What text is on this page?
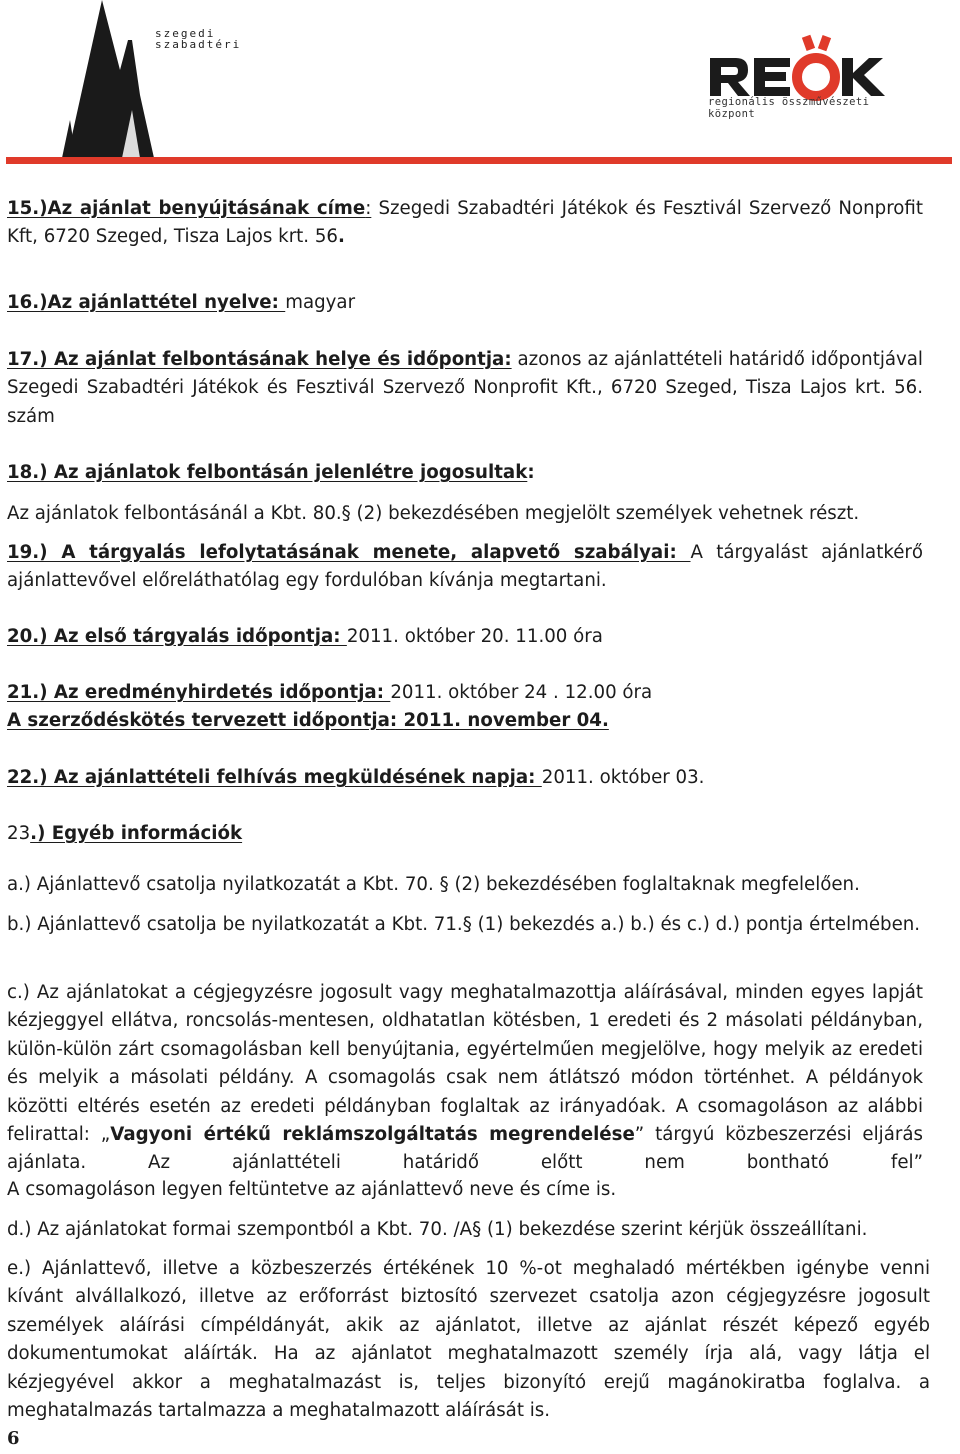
szegedi
szabadtéri
regionális összművészeti központ

15.)Az ajánlat benyújtásának címe: Szegedi Szabadtéri Játékok és Fesztivál Szervező Nonprofit Kft, 6720 Szeged, Tisza Lajos krt. 56.

16.)Az ajánlattétel nyelve: magyar
17.) Az ajánlat felbontásának helye és időpontja: azonos az ajánlattételi határidő időpontjával Szegedi Szabadtéri Játékok és Fesztivál Szervező Nonprofit Kft., 6720 Szeged, Tisza Lajos krt. 56. szám
18.) Az ajánlatok felbontásán jelenlétre jogosultak:
Az ajánlatok felbontásánál a Kbt. 80.§ (2) bekezdésében megjelölt személyek vehetnek részt.
19.) A tárgyalás lefolytatásának menete, alapvető szabályai: A tárgyalást ajánlatkérő ajánlattevővel előreláthatólag egy fordulóban kívánja megtartani.
20.) Az első tárgyalás időpontja: 2011. október 20. 11.00 óra
21.) Az eredményhirdetés időpontja: 2011. október 24 . 12.00 óra
A szerződéskötés tervezett időpontja: 2011. november 04.
22.) Az ajánlattételi felhívás megküldésének napja: 2011. október 03.
23.) Egyéb információk
a.) Ajánlattevő csatolja nyilatkozatát a Kbt. 70. § (2) bekezdésében foglaltaknak megfelelően.
b.) Ajánlattevő csatolja be nyilatkozatát a Kbt. 71.§ (1) bekezdés a.) b.) és c.) d.) pontja értelmében.
c.) Az ajánlatokat a cégjegyzésre jogosult vagy meghatalmazottja aláírásával, minden egyes lapját kézjeggyel ellátva, roncsolás-mentesen, oldhatatlan kötésben, 1 eredeti és 2 másolati példányban, külön-külön zárt csomagolásban kell benyújtania, egyértelműen megjelölve, hogy melyik az eredeti és melyik a másolati példány. A csomagolás csak nem átlátszó módon történhet. A példányok közötti eltérés esetén az eredeti példányban foglaltak az irányadóak. A csomagoláson az alábbi felirattal: „Vagyoni értékű reklámszolgáltatás megrendelése” tárgyú közbeszerzési eljárás ajánlata. Az ajánlattételi határidő előtt nem bontható fel”
A csomagoláson legyen feltüntetve az ajánlattevő neve és címe is.
d.) Az ajánlatokat formai szempontból a Kbt. 70. /A§ (1) bekezdése szerint kérjük összeállítani.
e.) Ajánlattevő, illetve a közbeszerzés értékének 10 %-ot meghaladó mértékben igénybe venni kívánt alvállalkozó, illetve az erőforrást biztosító szervezet csatolja azon cégjegyzésre jogosult személyek aláírási címpéldányát, akik az ajánlatot, illetve az ajánlat részét képező egyéb dokumentumokat aláírták. Ha az ajánlatot meghatalmazott személy írja alá, vagy látja el kézjegyével akkor a meghatalmazást is, teljes bizonyító erejű magánokiratba foglalva. a meghatalmazás tartalmazza a meghatalmazott aláírását is.
6
